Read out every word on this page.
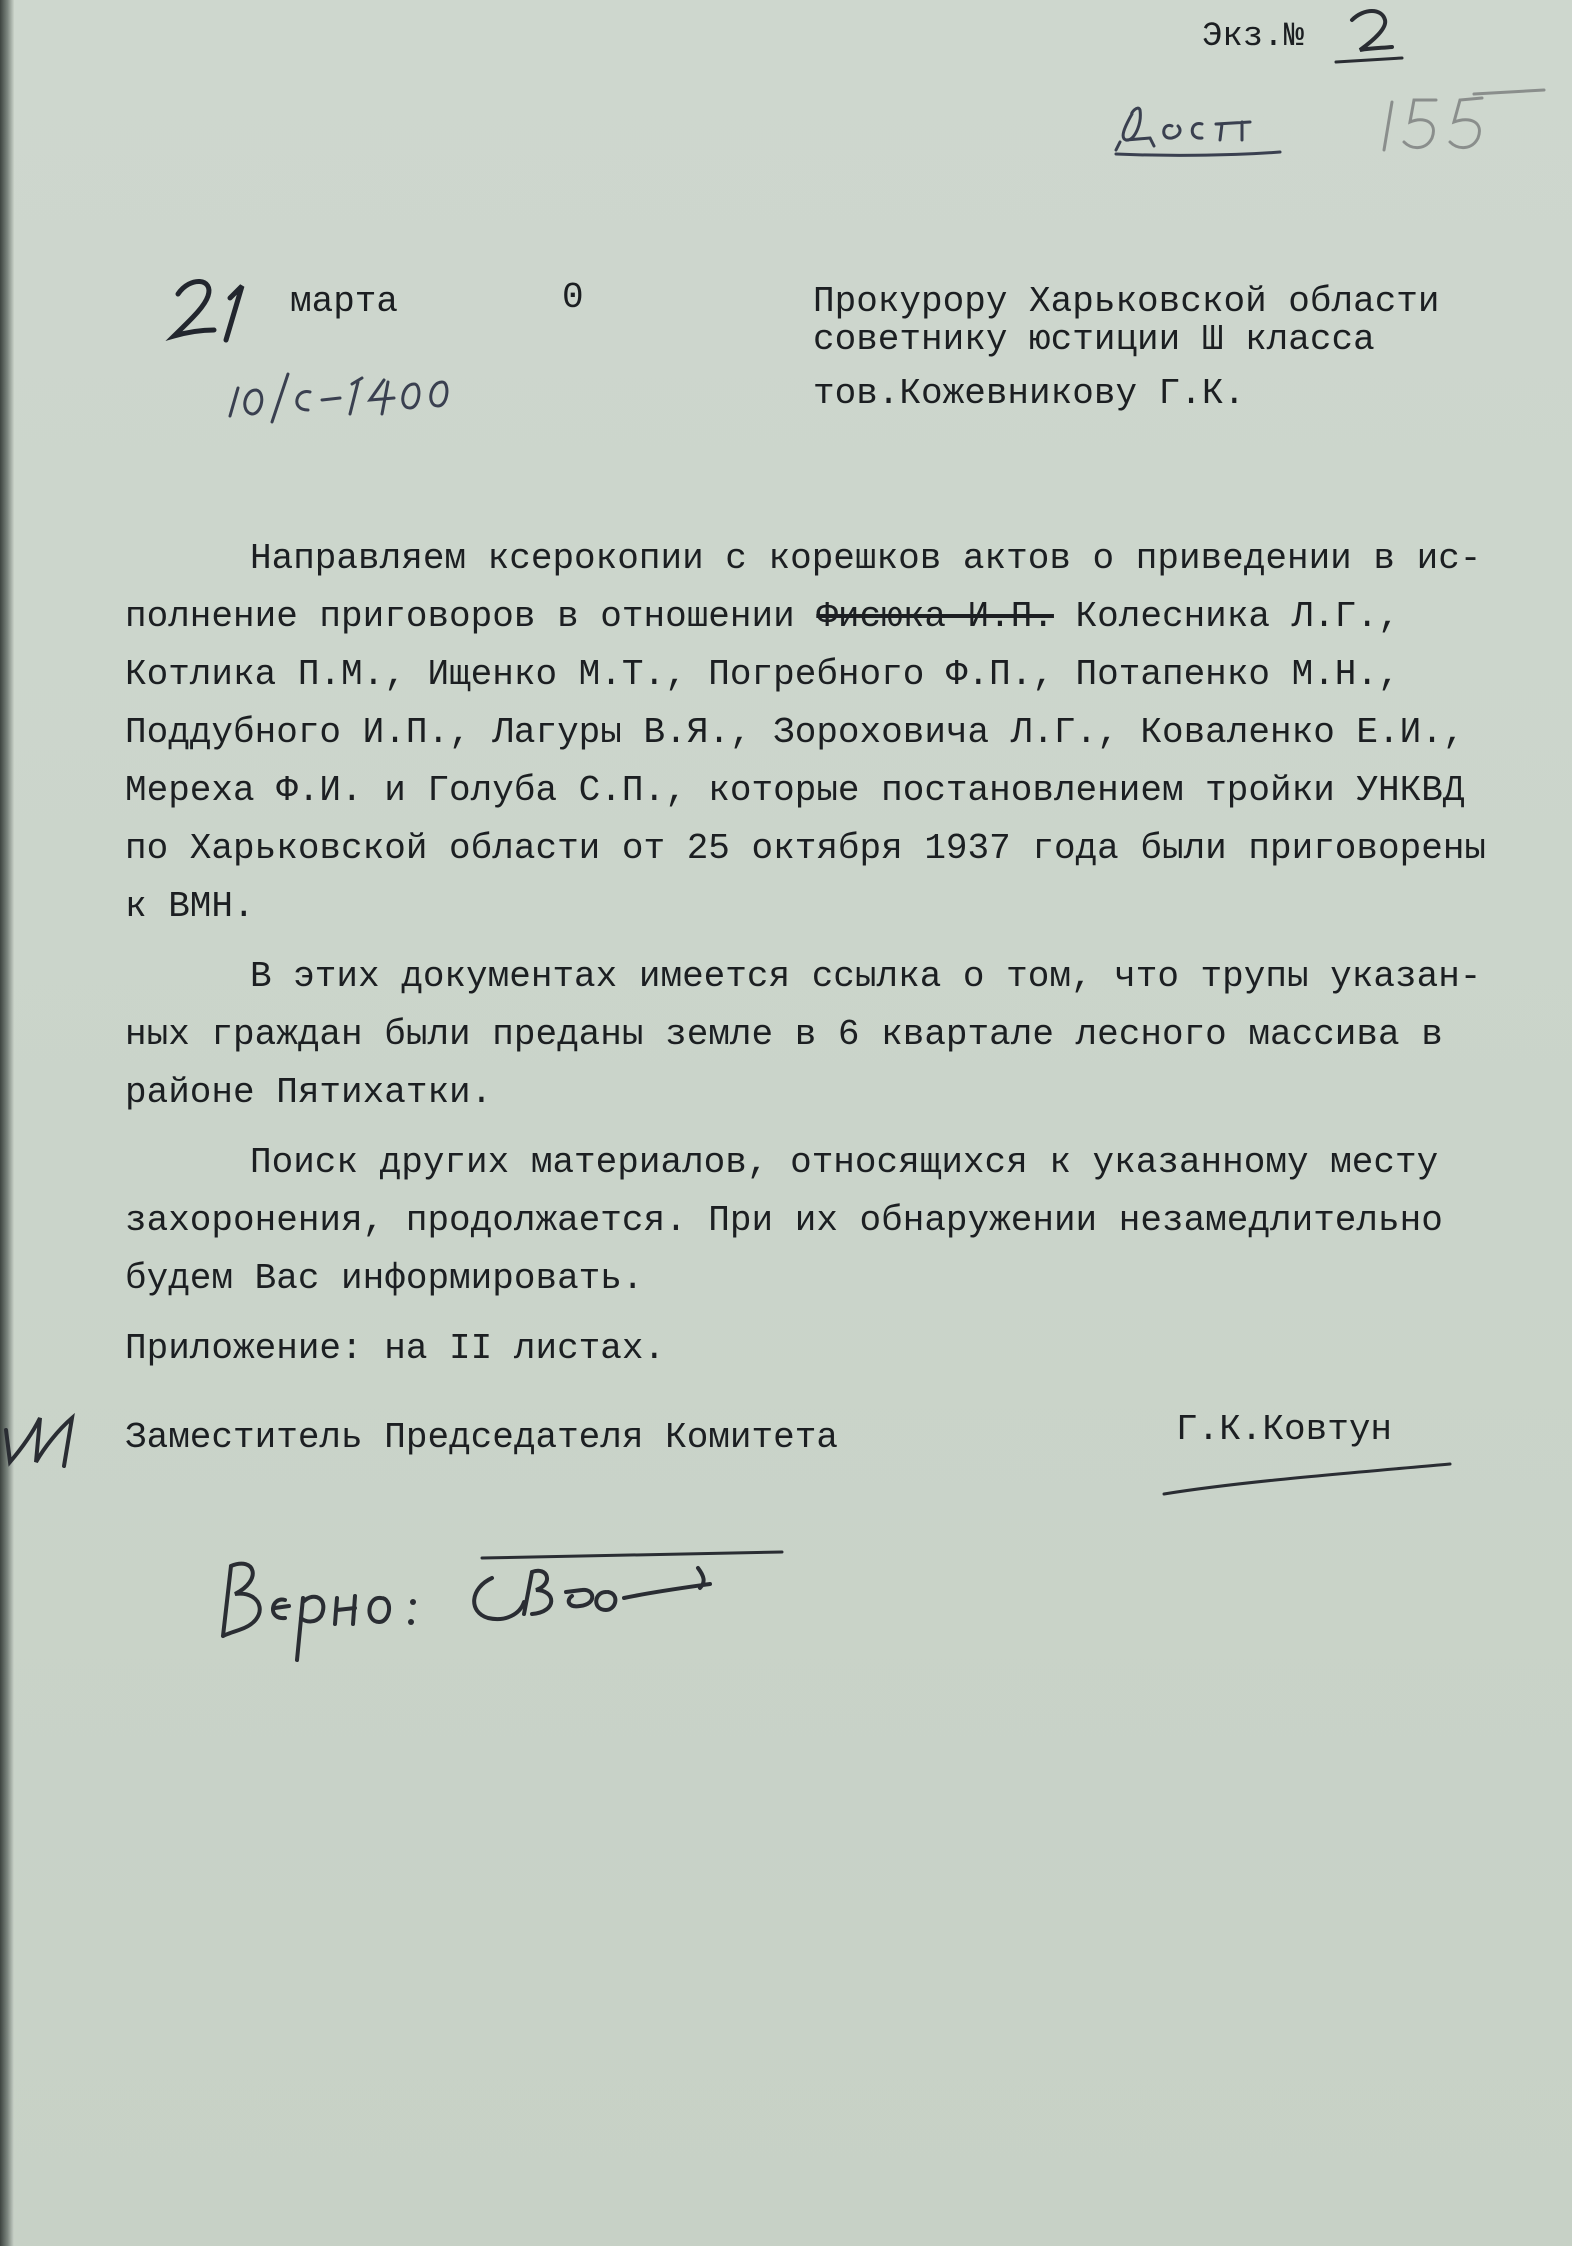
Экз.№
марта	0	Прокурору Харьковской области
советнику юстиции Ш класса
тов.Кожевникову Г.К.

Направляем ксерокопии с корешков актов о приведении в исполнение приговоров в отношении Фисюка И.П. Колесника Л.Г., Котлика П.М., Ищенко М.Т., Погребного Ф.П., Потапенко М.Н., Поддубного И.П., Лагуры В.Я., Зороховича Л.Г., Коваленко Е.И., Мереха Ф.И. и Голуба С.П., которые постановлением тройки УНКВД по Харьковской области от 25 октября 1937 года были приговорены к ВМН.

В этих документах имеется ссылка о том, что трупы указанных граждан были преданы земле в 6 квартале лесного массива в районе Пятихатки.

Поиск других материалов, относящихся к указанному месту захоронения, продолжается. При их обнаружении незамедлительно будем Вас информировать.

Приложение: на II листах.

Заместитель Председателя Комитета	Г.К.Ковтун
